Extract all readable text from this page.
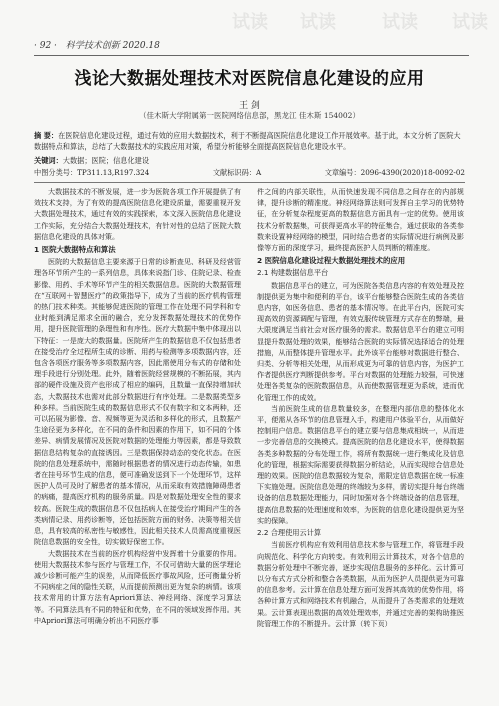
试读 试读	试读 试读
· 92 · 科学技术创新 2020.18
浅论大数据处理技术对医院信息化建设的应用
王 剑
（佳木斯大学附属第一医院网络信息部，黑龙江 佳木斯 154002）
摘 要：在医院信息化建设过程，通过有效的应用大数据技术，利于不断提高医院信息化建设工作开展效率。基于此，本文分析了医院大数据特点和算法，总结了大数据技术的实践应用对策，希望分析能够全面提高医院信息化建设水平。
关键词：大数据；医院；信息化建设
中图分类号：TP311.13,R197.324	文献标识码：A	文章编号：2096-4390(2020)18-0092-02

大数据技术的不断发展，进一步为医院各项工作开展提供了有效技术支持，为了有效的提高医院信息化建设质量，需要重视开发大数据处理技术，通过有效的实践探索，本文深入医院信息化建设工作实际，充分结合大数据处理技术，有针对性的总结了医院大数据信息化建设的具体对策。

1 医院大数据特点和算法

医院的大数据信息主要来源于日常的诊断查见、科研及经营管理各环节所产生的一系列信息，具体来说指门诊、住院记录、检查影像、用药、手术等环节产生的相关数据信息。医院的大数据管理在“互联网＋智慧医疗”的政策指导下，成为了当前的医疗机构管理的热门技术种类。其能够促进医院的管理工作在处理不同学科和专业时能到满足需求全面的融合，充分发挥数据处理技术的优势作用，提升医院管理的条理性和有序性。医疗大数据中集中体现出以下特征：一是庞大的数据量。医院所产生的数据信息不仅包括患者在接受治疗全过程所生成的诊断、用药与检测等多项数据内容，还包含各项医疗服务等多项数据内容，因此需使用分布式的存储和处理手段进行分别处理。此外，随着医院经营规模的不断拓展，其内部的硬件设施及资产也形成了相应的编码，且数量一直保持增加状态，大数据技术也需对此部分数据进行有序处理。二是数据类型多种多样。当前医院生成的数据信息形式不仅有数字和文本两种，还可以拓展为影像、音、视频等更为灵活和多样化的形式，且数据产生途径更为多样化，在不同的条件和因素的作用下，如不同的个体差异、病情发展情况及医院对数据的处理能力等因素，都是导致数据信息结构复杂的直接诱因。三是数据保持动态的变化状态。在医院的信息处理系统中，需随时根据患者的情况进行动态传输，如患者在挂号环节生成的信息，便可准确发送到下一个处理环节，这样医护人员可及时了解患者的基本情况，从而采取有效措施障碍患者的病痛，提高医疗机构的服务质量。四是对数据处理安全性的要求较高。医院生成的数据信息不仅包括病人在接受治疗期间产生的各类病情记录、用药诊断等，还包括医院方面的财务、决策等相关信息，具有较高的私密性与敏感性，因此相关技术人员需高度重视医院信息数据的安全性，切实做好保密工作。

大数据技术在当前的医疗机构经营中发挥着十分重要的作用。使用大数据技术参与医疗与管理工作，不仅可借助大量的医学理论减少诊断可能产生的误差，从而降低医疗事故风险，还可衡量分析不同病症之间的隐性关联，从而提前预测出更为复杂的病情。该项技术常用的计算方法有Apriori算法、神经网络、深度学习算法等。不同算法具有不同的特征和优势，在不同的领域发挥作用。其中Apriori算法可明确分析出不同医疗事

件之间的内部关联性，从而快速发现不同信息之间存在的内部规律，提升诊断的精准度。神经网络算法则可发挥自主学习的优势特征，在分析复杂程度更高的数据信息方面具有一定的优势。使用该技术分析数据集，可获得更高水平的特征集合，通过获取的各类参数来设置神经网络的模型，同时结合患者的实际情况进行病例及影像等方面的深度学习，最终提高医护人员判断的精准度。

2 医院信息化建设过程大数据处理技术的应用
2.1 构建数据信息平台

数据信息平台的建立，可为医院各类信息内容的有效处理及控制提供更为集中和便利的平台，该平台能够整合医院生成的各类信息内容，如医务信息、患者的基本情况等。在此平台内，医院可实现高效的资源调配与管理，有效克服传统管理方式存在的弊端，最大限度满足当前社会对医疗服务的需求。数据信息平台的建立可明显提升数据处理的效果，能够结合医院的实际情况选择适合的处理措施，从而整体提升管理水平。此外该平台能够对数据进行整合、归类、分析等相关处理，从而形成更为可靠的信息内容，为医护工作者提供医疗判断提供参考。平台对数据的处理能力较强，可快速处理各类复杂的医院数据信息，从而使数据管理更为系统，进而优化管理工作的成效。

当前医院生成的信息数量较多，在整理内部信息的整体化水平，便需从各环节的信息管理入手，构建用户体验平台，从而做好控制用户信息。数据信息平台的建立要与信息集成相统一，从而进一步完善信息的交换模式。提高医院的信息化建设水平，使得数据各类多种数据的分布处理工作，将所有数据统一进行集成化及信息化的管理，根据实际需要获得数据分析结论，从而实现综合信息处理的效果。医院的信息数据较为复杂，需限定信息数据在统一标准下实施处理。医院信息处理的终端较为多样，需切实提升每台终端设备的信息数据处理能力，同时加强对各个终端设备的信息管理，提高信息数据的处理速度和效率，为医院的信息化建设提供更为坚实的保障。

2.2 合理使用云计算

当前医疗机构应有效利用信息技术参与管理工作，将管理手段向规范化、科学化方向转变。有效利用云计算技术，对各个信息的数据分析处理中不断完善，逐步实现信息服务的多样化。云计算可以分布式方式分析和整合各类数据，从而为医护人员提供更为可靠的信息参考。云计算在信息处理方面可发挥其高效的优势作用，将各种计算方式和网络技术有机融合，从而提升了各类需求的处理效果。云计算表现出数据的高效处理效率，并通过完善的架构助推医院管理工作的不断提升。云计算（转下页）
